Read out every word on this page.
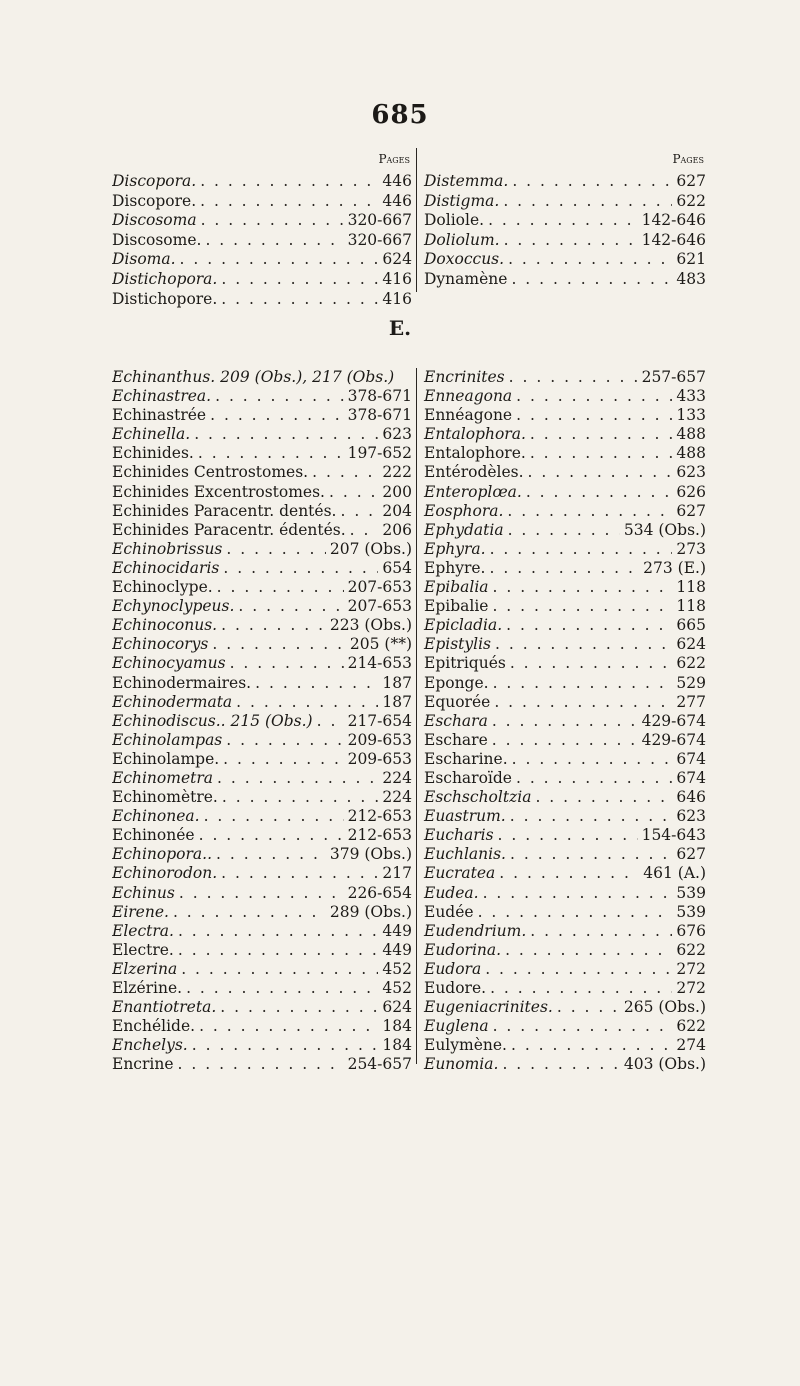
685
Pages
Discopora. . . .	446
Discopore. . . .	446
Discosoma . . .	320-667
Discosome. . . .	320-667
Disoma. . . .	624
Distichopora. . . .	416
Distichopore. . . .	416
Pages
Distemma. . . .	627
Distigma. . . .	622
Doliole. . . .	142-646
Doliolum. . . .	142-646
Doxoccus. . . .	621
Dynamène . . .	483
E.
Echinanthus. 209 (Obs.), 217 (Obs.)
Echinastrea. . . .	378-671
Echinastrée . . .	378-671
Echinella. . . .	623
Echinides. . . .	197-652
Echinides Centrostomes. . . .	222
Echinides Excentrostomes. . . .	200
Echinides Paracentr. dentés. . . .	204
Echinides Paracentr. édentés. . . . 206
Echinobrissus . . .	207 (Obs.)
Echinocidaris . . .	654
Echinoclype. . . .	207-653
Echynoclypeus. . . .	207-653
Echinoconus. . . .	223 (Obs.)
Echinocorys . . .	205 (**)
Echinocyamus . . .	214-653
Echinodermaires. . . .	187
Echinodermata . . .	187
Echinodiscus.. 215 (Obs.) . . . 217-654
Echinolampas . . .	209-653
Echinolampe. . . .	209-653
Echinometra . . .	224
Echinomètre. . . .	224
Echinonea. . . .	212-653
Echinonée . . .	212-653
Echinopora.. . . .	379 (Obs.)
Echinorodon. . . .	217
Echinus . . .	226-654
Eirene. . . .	289 (Obs.)
Electra. . . .	449
Electre. . . .	449
Elzerina . . .	452
Elzérine. . . .	452
Enantiotreta. . . .	624
Enchélide. . . .	184
Enchelys. . . .	184
Encrine . . .	254-657
Encrinites . . .	257-657
Enneagona . . .	433
Ennéagone . . .	133
Entalophora. . . .	488
Entalophore. . . .	488
Entérodèles. . . .	623
Enteroplœa. . . .	626
Eosphora. . . .	627
Ephydatia . . .	534 (Obs.)
Ephyra. . . .	273
Ephyre. . . .	273 (E.)
Epibalia . . .	118
Epibalie . . .	118
Epicladia. . . .	665
Epistylis . . .	624
Epitriqués . . .	622
Eponge. . . .	529
Equorée . . .	277
Eschara . . .	429-674
Eschare . . .	429-674
Escharine. . . .	674
Escharoïde . . .	674
Eschscholtzia . . .	646
Euastrum. . . .	623
Eucharis . . .	154-643
Euchlanis. . . .	627
Eucratea . . .	461 (A.)
Eudea. . . .	539
Eudée . . .	539
Eudendrium. . . .	676
Eudorina. . . .	622
Eudora . . .	272
Eudore. . . .	272
Eugeniacrinites. . . .	265 (Obs.)
Euglena . . .	622
Eulymène. . . .	274
Eunomia. . . .	403 (Obs.)
